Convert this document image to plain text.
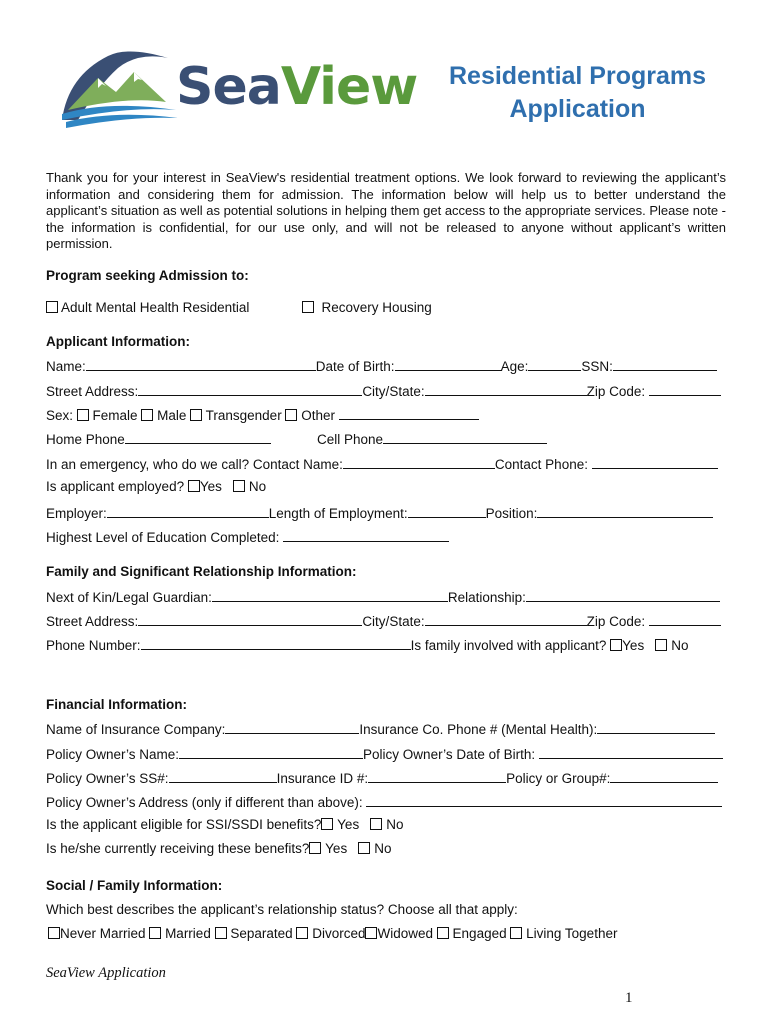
SeaView	Residential Programs
Application
Thank you for your interest in SeaView's residential treatment options. We look forward to reviewing the applicant’s information and considering them for admission. The information below will help us to better understand the applicant’s situation as well as potential solutions in helping them get access to the appropriate services. Please note - the information is confidential, for our use only, and will not be released to anyone without applicant’s written permission.
Program seeking Admission to:
Adult Mental Health Residential	Recovery Housing
Applicant Information:
Name:	Date of Birth:	Age:	SSN:
Street Address:	City/State:	Zip Code:
Sex: Female Male Transgender Other
Home Phone	Cell Phone
In an emergency, who do we call? Contact Name:	Contact Phone:
Is applicant employed? Yes No
Employer:	Length of Employment:	Position:
Highest Level of Education Completed:
Family and Significant Relationship Information:
Next of Kin/Legal Guardian:	Relationship:
Street Address:	City/State:	Zip Code:
Phone Number:	Is family involved with applicant? Yes No
Financial Information:
Name of Insurance Company:	Insurance Co. Phone # (Mental Health):
Policy Owner’s Name:	Policy Owner’s Date of Birth:
Policy Owner’s SS#:	Insurance ID #:	Policy or Group#:
Policy Owner’s Address (only if different than above):
Is the applicant eligible for SSI/SSDI benefits? Yes No
Is he/she currently receiving these benefits? Yes No
Social / Family Information:
Which best describes the applicant’s relationship status? Choose all that apply:
Never Married Married Separated Divorced Widowed Engaged Living Together
SeaView Application
1
